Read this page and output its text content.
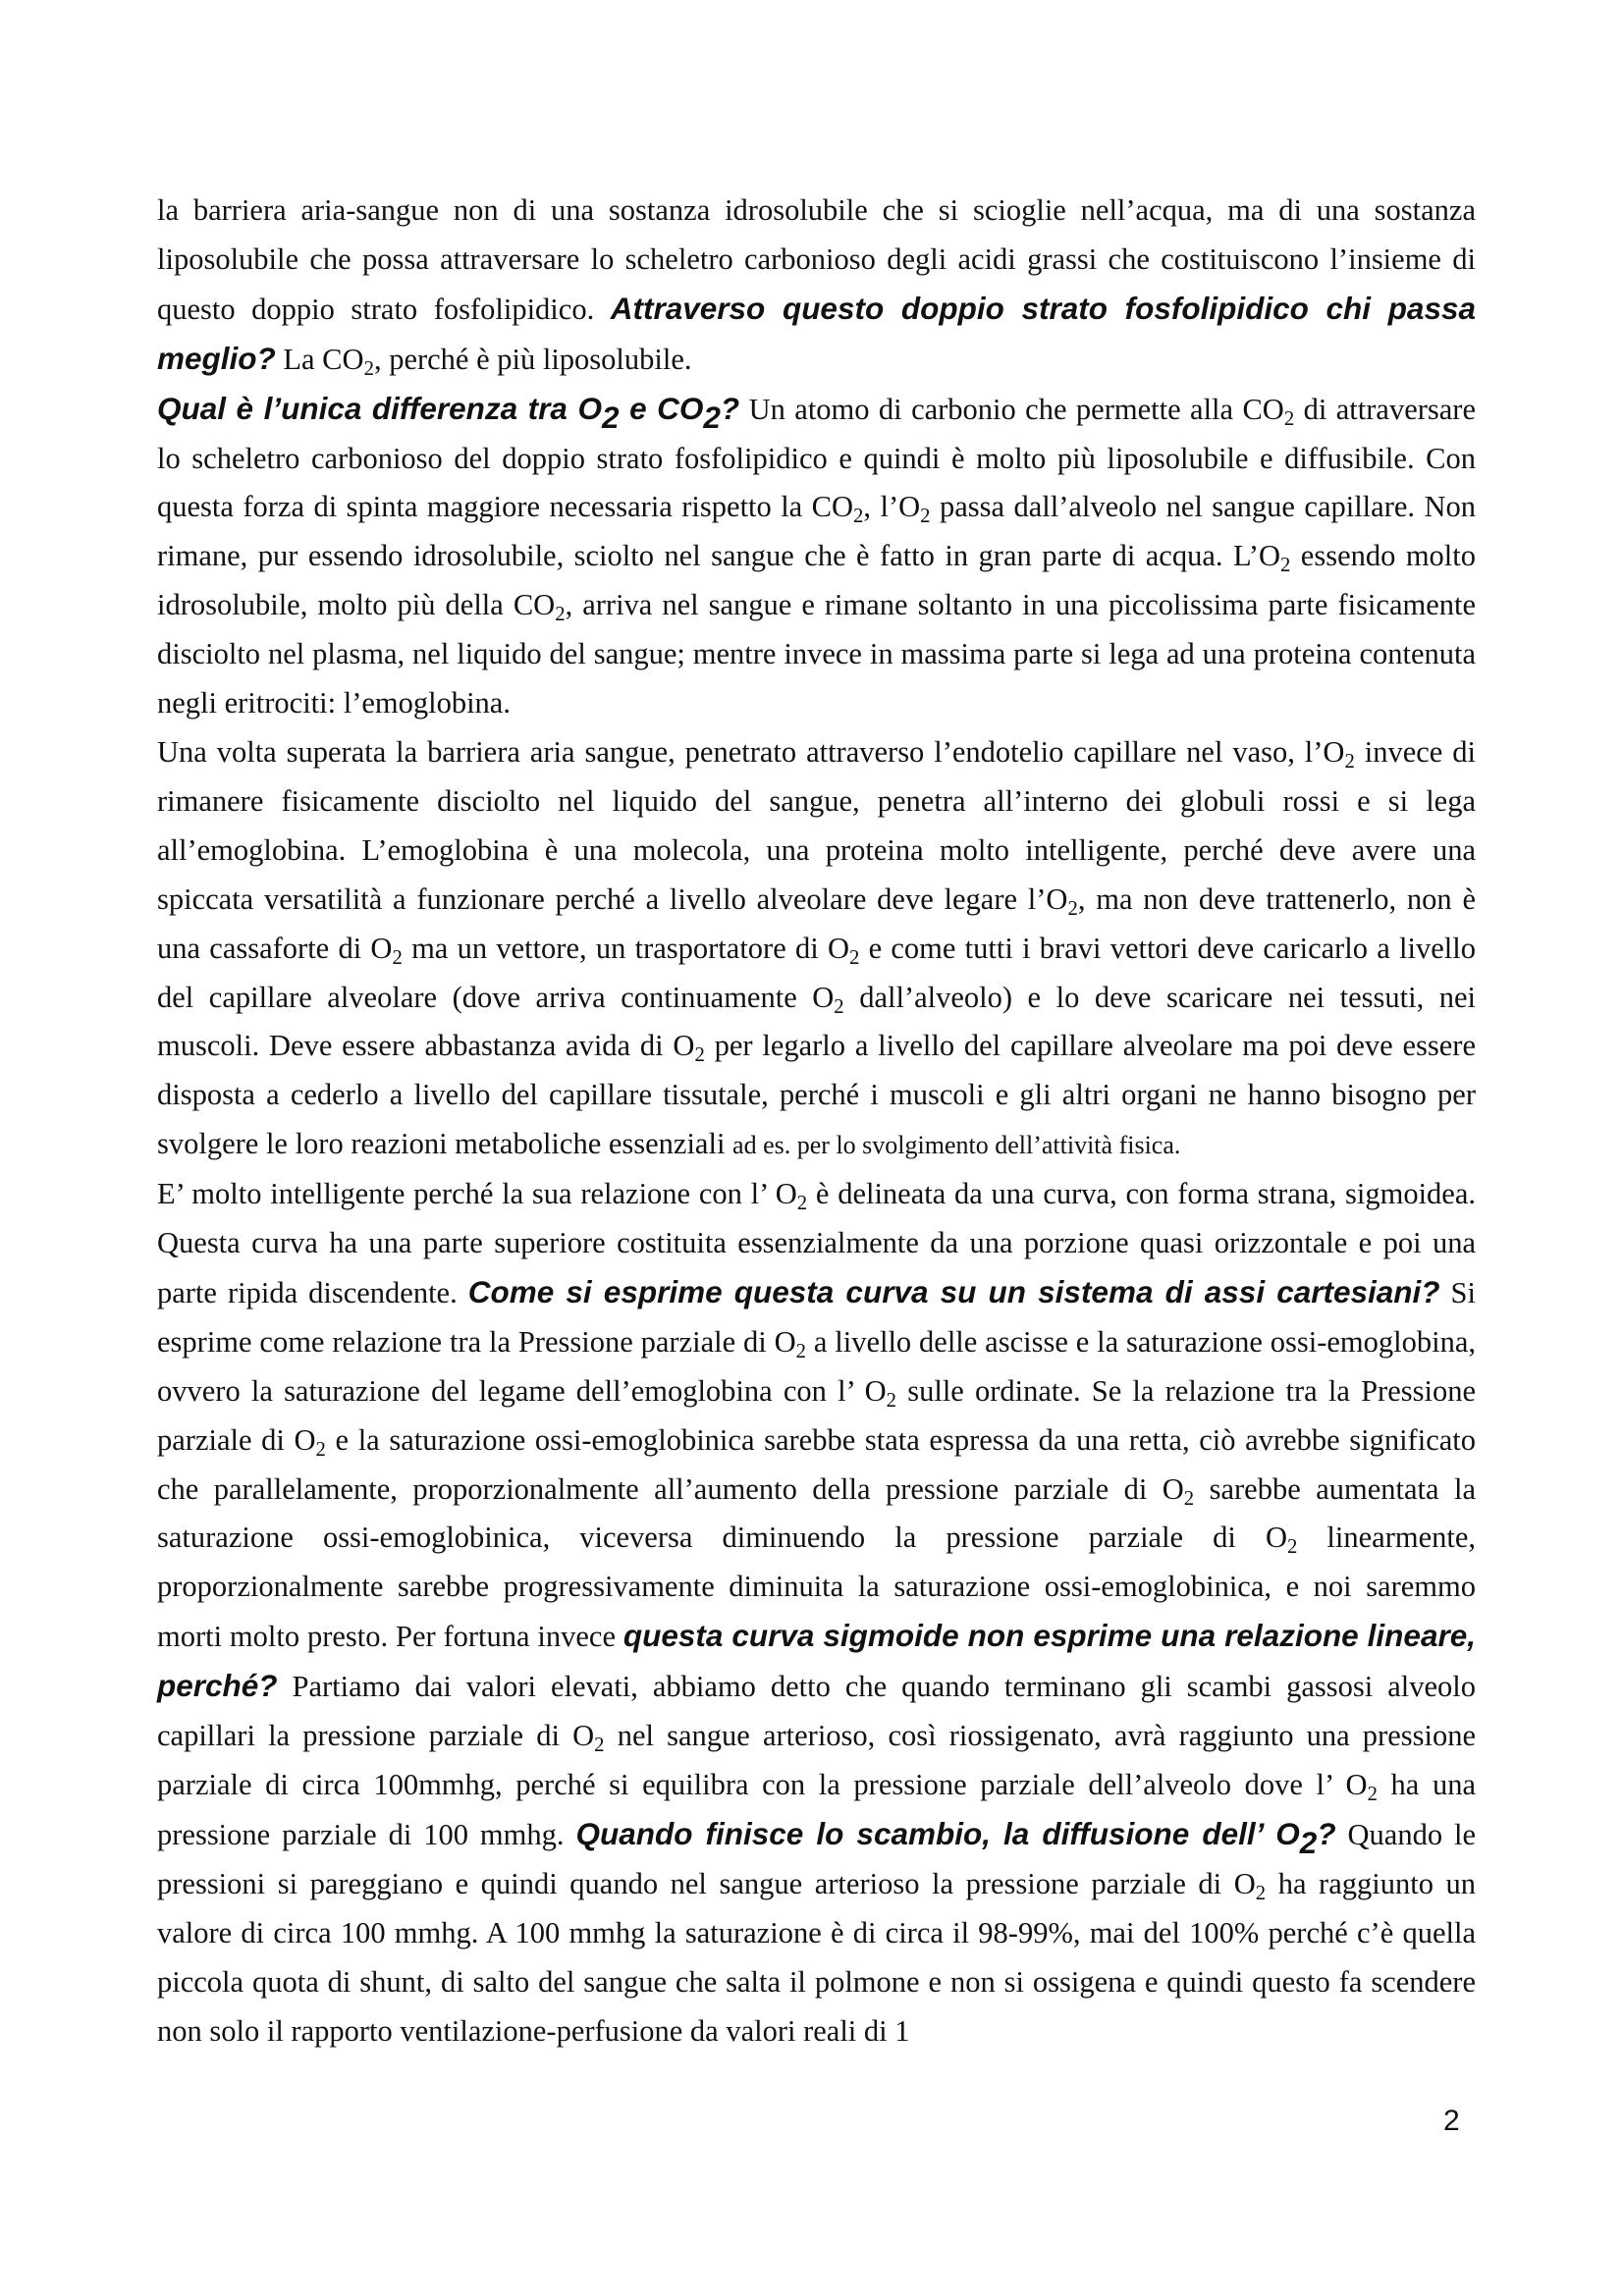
la barriera aria-sangue non di una sostanza idrosolubile che si scioglie nell’acqua, ma di una sostanza liposolubile che possa attraversare lo scheletro carbonioso degli acidi grassi che costituiscono l’insieme di questo doppio strato fosfolipidico. Attraverso questo doppio strato fosfolipidico chi passa meglio? La $CO_2$, perché è più liposolubile.

Qual è l’unica differenza tra $O_2$ e $CO_2$? Un atomo di carbonio che permette alla $CO_2$ di attraversare lo scheletro carbonioso del doppio strato fosfolipidico e quindi è molto più liposolubile e diffusibile. Con questa forza di spinta maggiore necessaria rispetto la $CO_2$, $l’O_2$ passa dall’alveolo nel sangue capillare. Non rimane, pur essendo idrosolubile, sciolto nel sangue che è fatto in gran parte di acqua. $L’O_2$ essendo molto idrosolubile, molto più della $CO_2$, arriva nel sangue e rimane soltanto in una piccolissima parte fisicamente disciolto nel plasma, nel liquido del sangue; mentre invece in massima parte si lega ad una proteina contenuta negli eritrociti: l’emoglobina.

Una volta superata la barriera aria sangue, penetrato attraverso l’endotelio capillare nel vaso, $l’O_2$ invece di rimanere fisicamente disciolto nel liquido del sangue, penetra all’interno dei globuli rossi e si lega all’emoglobina. L’emoglobina è una molecola, una proteina molto intelligente, perché deve avere una spiccata versatilità a funzionare perché a livello alveolare deve legare $l’O_2$, ma non deve trattenerlo, non è una cassaforte di $O_2$ ma un vettore, un trasportatore di $O_2$ e come tutti i bravi vettori deve caricarlo a livello del capillare alveolare (dove arriva continuamente $O_2$ dall’alveolo) e lo deve scaricare nei tessuti, nei muscoli. Deve essere abbastanza avida di $O_2$ per legarlo a livello del capillare alveolare ma poi deve essere disposta a cederlo a livello del capillare tissutale, perché i muscoli e gli altri organi ne hanno bisogno per svolgere le loro reazioni metaboliche essenziali ad es. per lo svolgimento dell’attività fisica.

E’ molto intelligente perché la sua relazione con l’ $O_2$ è delineata da una curva, con forma strana, sigmoidea. Questa curva ha una parte superiore costituita essenzialmente da una porzione quasi orizzontale e poi una parte ripida discendente. Come si esprime questa curva su un sistema di assi cartesiani? Si esprime come relazione tra la Pressione parziale di $O_2$ a livello delle ascisse e la saturazione ossi-emoglobina, ovvero la saturazione del legame dell’emoglobina con l’ $O_2$ sulle ordinate. Se la relazione tra la Pressione parziale di $O_2$ e la saturazione ossi-emoglobinica sarebbe stata espressa da una retta, ciò avrebbe significato che parallelamente, proporzionalmente all’aumento della pressione parziale di $O_2$ sarebbe aumentata la saturazione ossi-emoglobinica, viceversa diminuendo la pressione parziale di $O_2$ linearmente, proporzionalmente sarebbe progressivamente diminuita la saturazione ossi-emoglobinica, e noi saremmo morti molto presto. Per fortuna invece questa curva sigmoide non esprime una relazione lineare, perché? Partiamo dai valori elevati, abbiamo detto che quando terminano gli scambi gassosi alveolo capillari la pressione parziale di $O_2$ nel sangue arterioso, così riossigenato, avrà raggiunto una pressione parziale di circa 100mmhg, perché si equilibra con la pressione parziale dell’alveolo dove l’ $O_2$ ha una pressione parziale di 100 mmhg. Quando finisce lo scambio, la diffusione dell’ $O_2$? Quando le pressioni si pareggiano e quindi quando nel sangue arterioso la pressione parziale di $O_2$ ha raggiunto un valore di circa 100 mmhg. A 100 mmhg la saturazione è di circa il 98-99%, mai del 100% perché c’è quella piccola quota di shunt, di salto del sangue che salta il polmone e non si ossigena e quindi questo fa scendere non solo il rapporto ventilazione-perfusione da valori reali di 1

2
